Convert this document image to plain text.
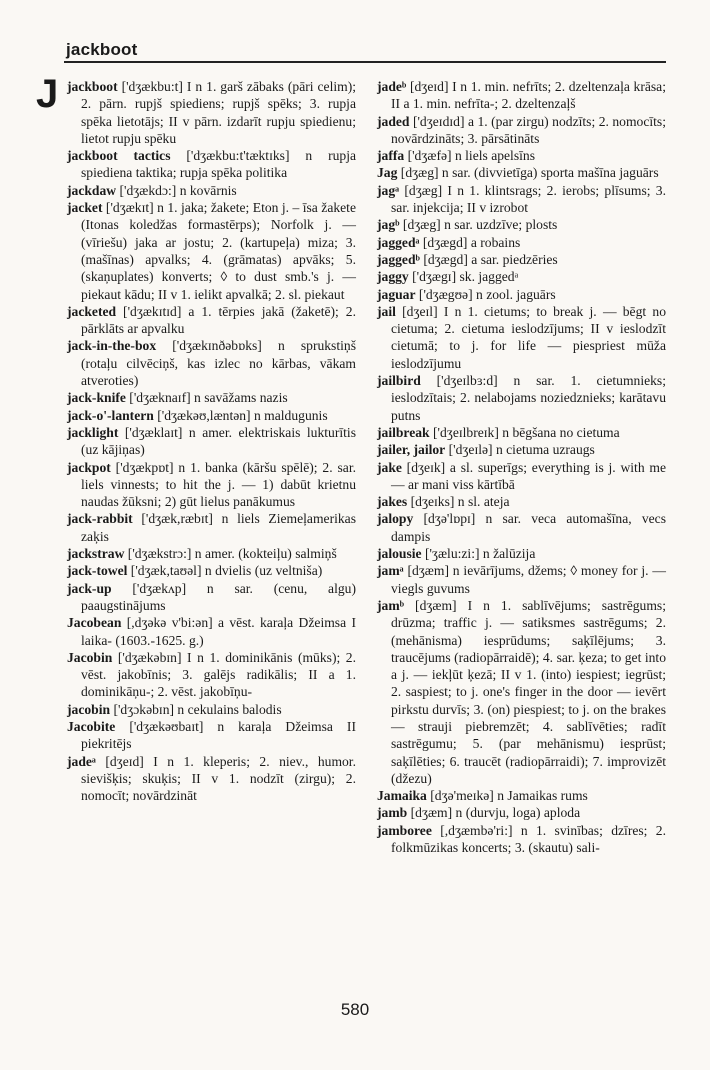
jackboot
J jackboot ['dʒækbu:t] I n 1. garš zābaks (pāri celim); 2. pārn. rupjš spiediens; rupjš spēks; 3. rupja spēka lietotājs; II v pārn. izdarīt rupju spiedienu; lietot rupju spēku
jackboot tactics ['dʒækbu:t'tæktɪks] n rupja spiediena taktika; rupja spēka politika
jackdaw ['dʒækdɔ:] n kovārnis
jacket ['dʒækɪt] n 1. jaka; žakete; Eton j. – īsa žakete (Itonas koledžas formastērps); Norfolk j. — (vīriešu) jaka ar jostu; 2. (kartupeļa) miza; 3. (mašīnas) apvalks; 4. (grāmatas) apvāks; 5. (skaņuplates) konverts; ◊ to dust smb.'s j. — piekaut kādu; II v 1. ielikt apvalkā; 2. sl. piekaut
jacketed ['dʒækɪtɪd] a 1. tērpies jakā (žaketē); 2. pārklāts ar apvalku
jack-in-the-box ['dʒækɪnðəbɒks] n sprukstiņš (rotaļu cilvēciņš, kas izlec no kārbas, vākam atveroties)
jack-knife ['dʒæknaɪf] n savāžams nazis
jack-o'-lantern ['dʒækəʊ,læntən] n maldugunis
jacklight ['dʒæklaɪt] n amer. elektriskais lukturītis (uz kājiņas)
jackpot ['dʒækpɒt] n 1. banka (kāršu spēlē); 2. sar. liels vinnests; to hit the j. — 1) dabūt krietnu naudas žūksni; 2) gūt lielus panākumus
jack-rabbit ['dʒæk,ræbɪt] n liels Ziemeļamerikas zaķis
jackstraw ['dʒækstrɔ:] n amer. (kokteiļu) salmiņš
jack-towel ['dʒæk,taʊəl] n dvielis (uz veltniša)
jack-up ['dʒækʌp] n sar. (cenu, algu) paaugstinājums
Jacobean [,dʒəkə v'bi:ən] a vēst. karaļa Džeimsa I laika- (1603.-1625. g.)
Jacobin ['dʒækəbɪn] I n 1. dominikānis (mūks); 2. vēst. jakobīnis; 3. galējs radikālis; II a 1. dominikāņu-; 2. vēst. jakobīņu-
jacobin ['dʒɔkəbɪn] n cekulains balodis
Jacobite ['dʒækəʊbaɪt] n karaļa Džeimsa II piekritējs
jadeᵃ [dʒeɪd] I n 1. kleperis; 2. niev., humor. sievišķis; skuķis; II v 1. nodzīt (zirgu); 2. nomocīt; novārdzināt
jadeᵇ [dʒeɪd] I n 1. min. nefrīts; 2. dzeltenzaļa krāsa; II a 1. min. nefrīta-; 2. dzeltenzaļš
jaded ['dʒeɪdɪd] a 1. (par zirgu) nodzīts; 2. nomocīts; novārdzināts; 3. pārsātināts
jaffa ['dʒæfə] n liels apelsīns
Jag [dʒæg] n sar. (divvietīga) sporta mašīna jaguārs
jagᵃ [dʒæg] I n 1. klintsrags; 2. ierobs; plīsums; 3. sar. injekcija; II v izrobot
jagᵇ [dʒæg] n sar. uzdzīve; plosts
jaggedᵃ [dʒægd] a robains
jaggedᵇ [dʒægd] a sar. piedzēries
jaggy ['dʒægɪ] sk. jaggedᵃ
jaguar ['dʒægʊə] n zool. jaguārs
jail [dʒeɪl] I n 1. cietums; to break j. — bēgt no cietuma; 2. cietuma ieslodzījums; II v ieslodzīt cietumā; to j. for life — piespriest mūža ieslodzījumu
jailbird ['dʒeɪlbɜ:d] n sar. 1. cietumnieks; ieslodzītais; 2. nelabojams noziedznieks; karātavu putns
jailbreak ['dʒeɪlbreɪk] n bēgšana no cietuma
jailer, jailor ['dʒeɪlə] n cietuma uzraugs
jake [dʒeɪk] a sl. superīgs; everything is j. with me — ar mani viss kārtībā
jakes [dʒeɪks] n sl. ateja
jalopy [dʒə'lɒpɪ] n sar. veca automašīna, vecs dampis
jalousie ['ʒælu:zi:] n žalūzija
jamᵃ [dʒæm] n ievārījums, džems; ◊ money for j. — viegls guvums
jamᵇ [dʒæm] I n 1. sablīvējums; sastrēgums; drūzma; traffic j. — satiksmes sastrēgums; 2. (mehānisma) iesprūdums; saķīlējums; 3. traucējums (radiopārraidē); 4. sar. ķeza; to get into a j. — iekļūt ķezā; II v 1. (into) iespiest; iegrūst; 2. saspiest; to j. one's finger in the door — ievērt pirkstu durvīs; 3. (on) piespiest; to j. on the brakes — strauji piebremzēt; 4. sablīvēties; radīt sastrēgumu; 5. (par mehānismu) iesprūst; saķīlēties; 6. traucēt (radiopārraidi); 7. improvizēt (džezu)
Jamaika [dʒə'meɪkə] n Jamaikas rums
jamb [dʒæm] n (durvju, loga) aploda
jamboree [,dʒæmbə'ri:] n 1. svinības; dzīres; 2. folkmūzikas koncerts; 3. (skautu) sali-
580
